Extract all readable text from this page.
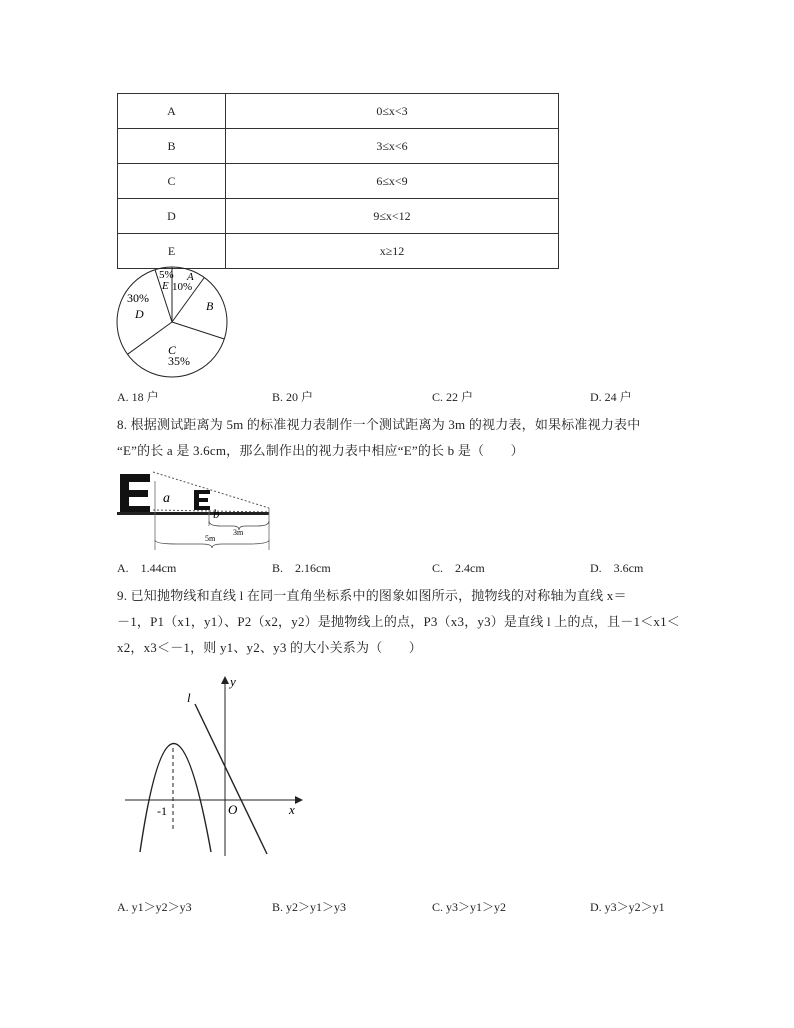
A	0≤x<3
B	3≤x<6
C	6≤x<9
D	9≤x<12
E	x≥12
5%
E
A
10%
B
30%
D
C
35%
A. 18 户	B. 20 户	C. 22 户	D. 24 户
8. 根据测试距离为 5m 的标准视力表制作一个测试距离为 3m 的视力表，如果标准视力表中
“E”的长 a 是 3.6cm，那么制作出的视力表中相应“E”的长 b 是（　　）
a
b
3m
5m
A.　1.44cm	B.　2.16cm	C.　2.4cm	D.　3.6cm
9. 已知抛物线和直线 l 在同一直角坐标系中的图象如图所示，抛物线的对称轴为直线 x＝
－1，P1（x1，y1）、P2（x2，y2）是抛物线上的点，P3（x3，y3）是直线 l 上的点，且－1＜x1＜
x2，x3＜－1，则 y1、y2、y3 的大小关系为（　　）
y
l
x
O
-1
A. y1＞y2＞y3	B. y2＞y1＞y3	C. y3＞y1＞y2	D. y3＞y2＞y1
